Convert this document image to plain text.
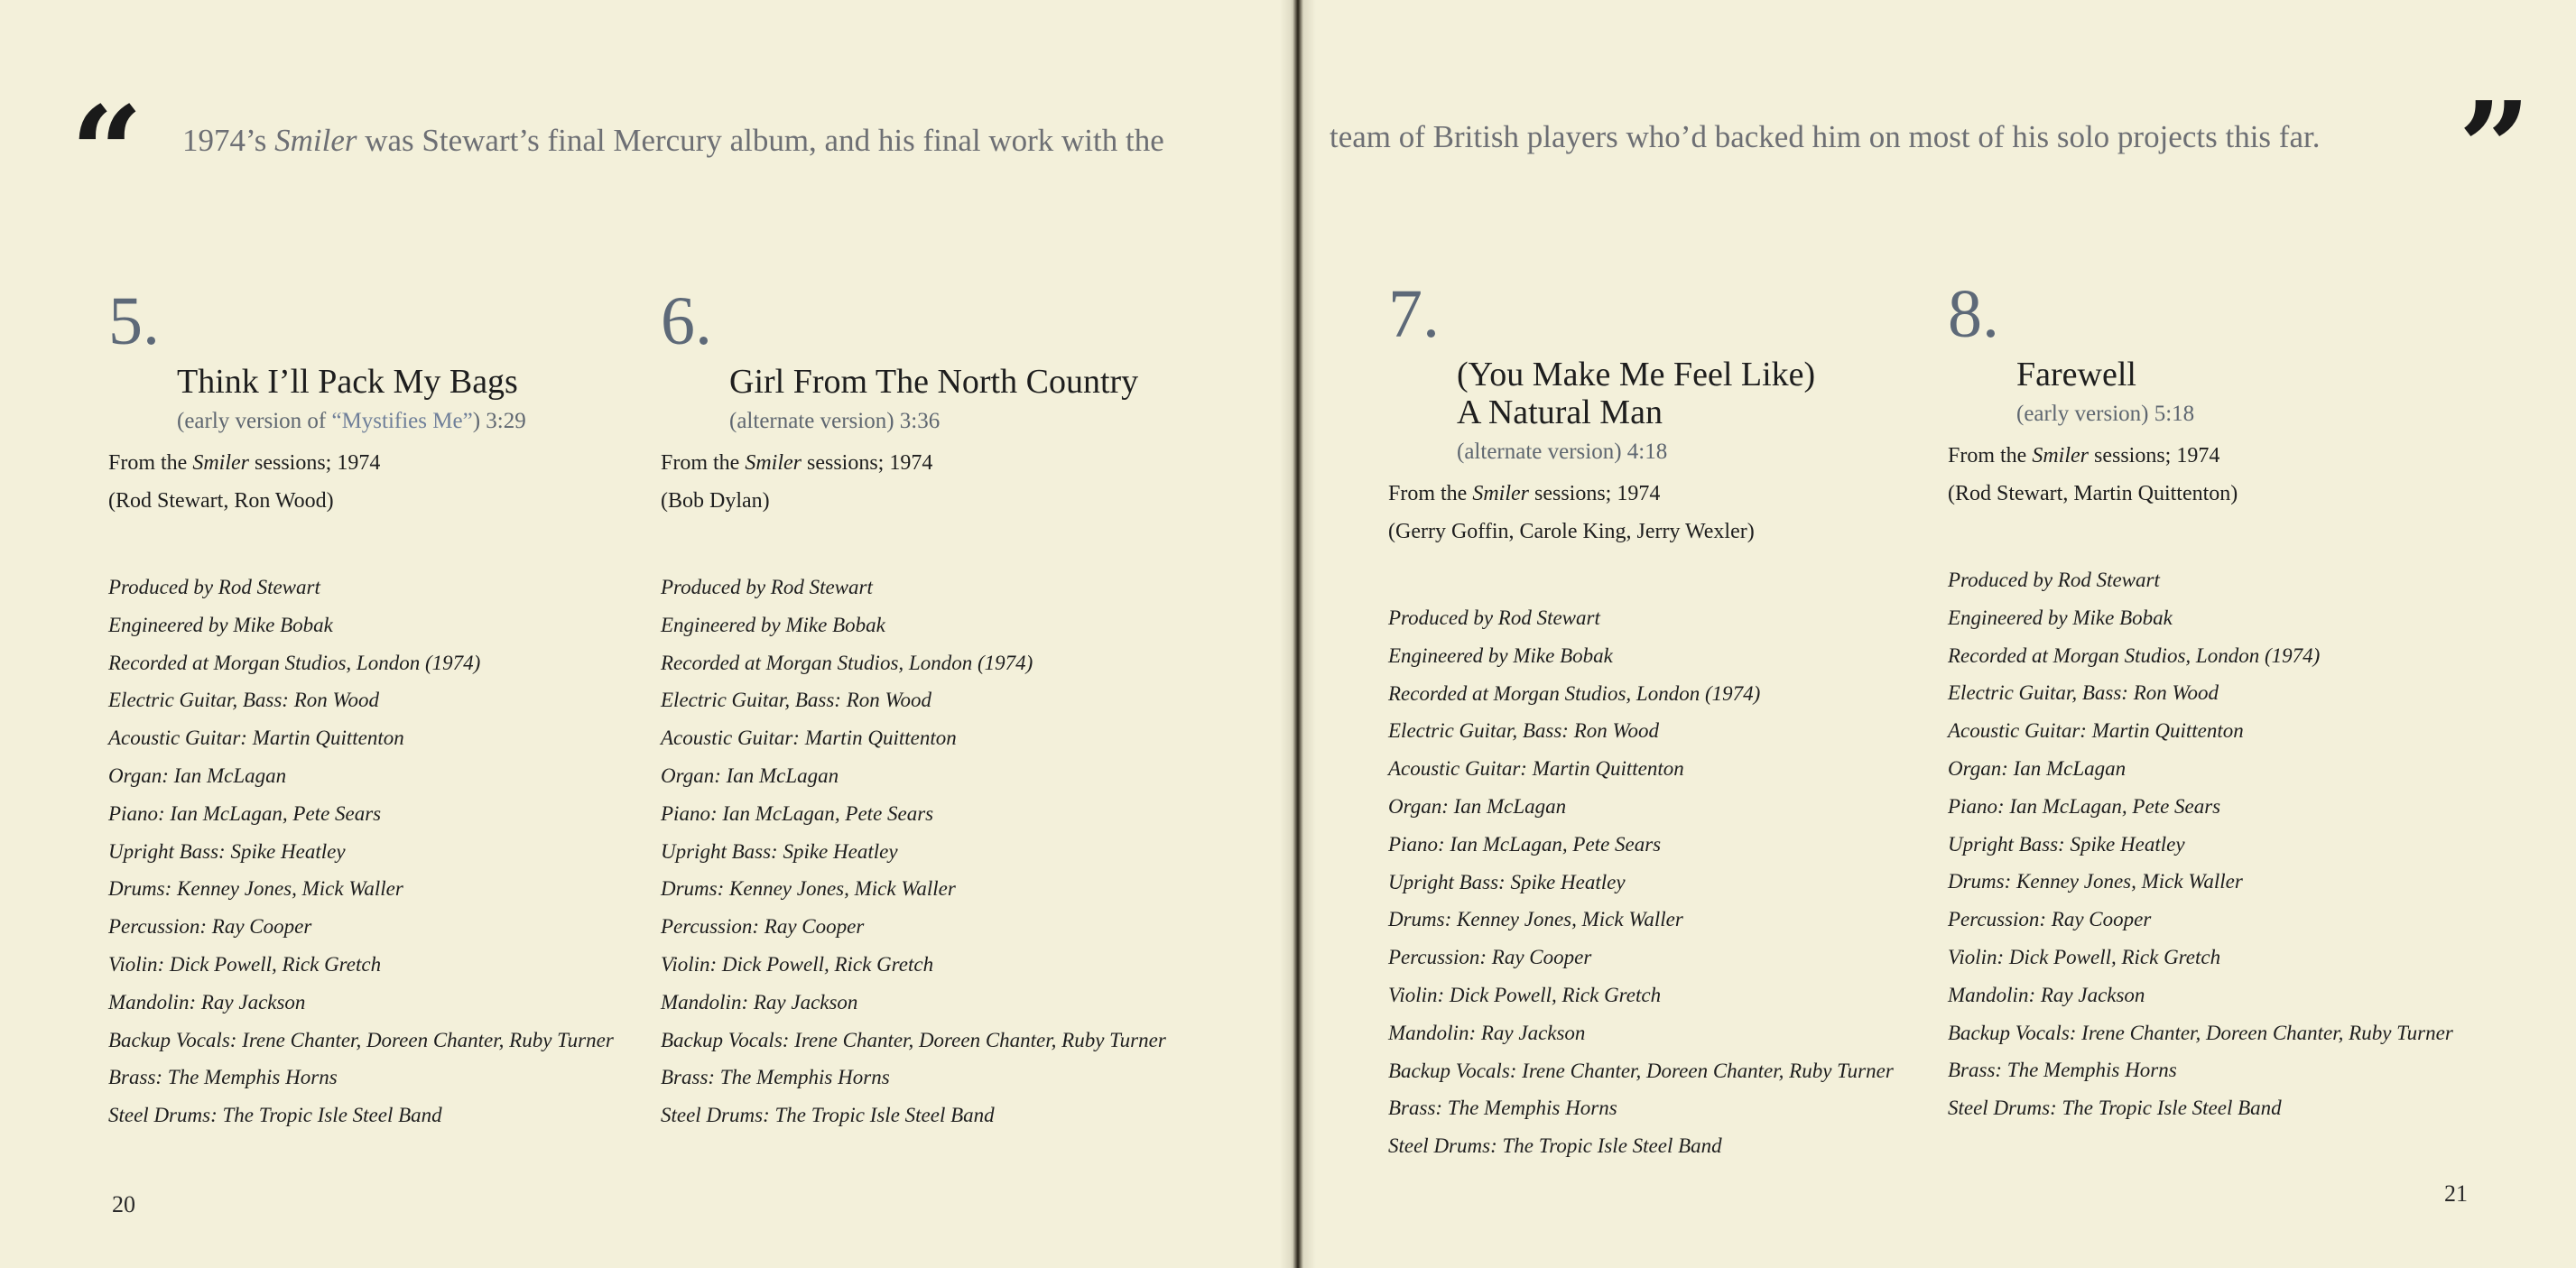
“ 1974’s Smiler was Stewart’s final Mercury album, and his final work with the	team of British players who’d backed him on most of his solo projects this far. ”
5.
Think I’ll Pack My Bags
(early version of “Mystifies Me”) 3:29
From the Smiler sessions; 1974
(Rod Stewart, Ron Wood)
Produced by Rod Stewart
Engineered by Mike Bobak
Recorded at Morgan Studios, London (1974)
Electric Guitar, Bass: Ron Wood
Acoustic Guitar: Martin Quittenton
Organ: Ian McLagan
Piano: Ian McLagan, Pete Sears
Upright Bass: Spike Heatley
Drums: Kenney Jones, Mick Waller
Percussion: Ray Cooper
Violin: Dick Powell, Rick Gretch
Mandolin: Ray Jackson
Backup Vocals: Irene Chanter, Doreen Chanter, Ruby Turner
Brass: The Memphis Horns
Steel Drums: The Tropic Isle Steel Band
6.
Girl From The North Country
(alternate version) 3:36
From the Smiler sessions; 1974
(Bob Dylan)
Produced by Rod Stewart
Engineered by Mike Bobak
Recorded at Morgan Studios, London (1974)
Electric Guitar, Bass: Ron Wood
Acoustic Guitar: Martin Quittenton
Organ: Ian McLagan
Piano: Ian McLagan, Pete Sears
Upright Bass: Spike Heatley
Drums: Kenney Jones, Mick Waller
Percussion: Ray Cooper
Violin: Dick Powell, Rick Gretch
Mandolin: Ray Jackson
Backup Vocals: Irene Chanter, Doreen Chanter, Ruby Turner
Brass: The Memphis Horns
Steel Drums: The Tropic Isle Steel Band
7.
(You Make Me Feel Like)
A Natural Man
(alternate version) 4:18
From the Smiler sessions; 1974
(Gerry Goffin, Carole King, Jerry Wexler)
Produced by Rod Stewart
Engineered by Mike Bobak
Recorded at Morgan Studios, London (1974)
Electric Guitar, Bass: Ron Wood
Acoustic Guitar: Martin Quittenton
Organ: Ian McLagan
Piano: Ian McLagan, Pete Sears
Upright Bass: Spike Heatley
Drums: Kenney Jones, Mick Waller
Percussion: Ray Cooper
Violin: Dick Powell, Rick Gretch
Mandolin: Ray Jackson
Backup Vocals: Irene Chanter, Doreen Chanter, Ruby Turner
Brass: The Memphis Horns
Steel Drums: The Tropic Isle Steel Band
8.
Farewell
(early version) 5:18
From the Smiler sessions; 1974
(Rod Stewart, Martin Quittenton)
Produced by Rod Stewart
Engineered by Mike Bobak
Recorded at Morgan Studios, London (1974)
Electric Guitar, Bass: Ron Wood
Acoustic Guitar: Martin Quittenton
Organ: Ian McLagan
Piano: Ian McLagan, Pete Sears
Upright Bass: Spike Heatley
Drums: Kenney Jones, Mick Waller
Percussion: Ray Cooper
Violin: Dick Powell, Rick Gretch
Mandolin: Ray Jackson
Backup Vocals: Irene Chanter, Doreen Chanter, Ruby Turner
Brass: The Memphis Horns
Steel Drums: The Tropic Isle Steel Band
20	21
